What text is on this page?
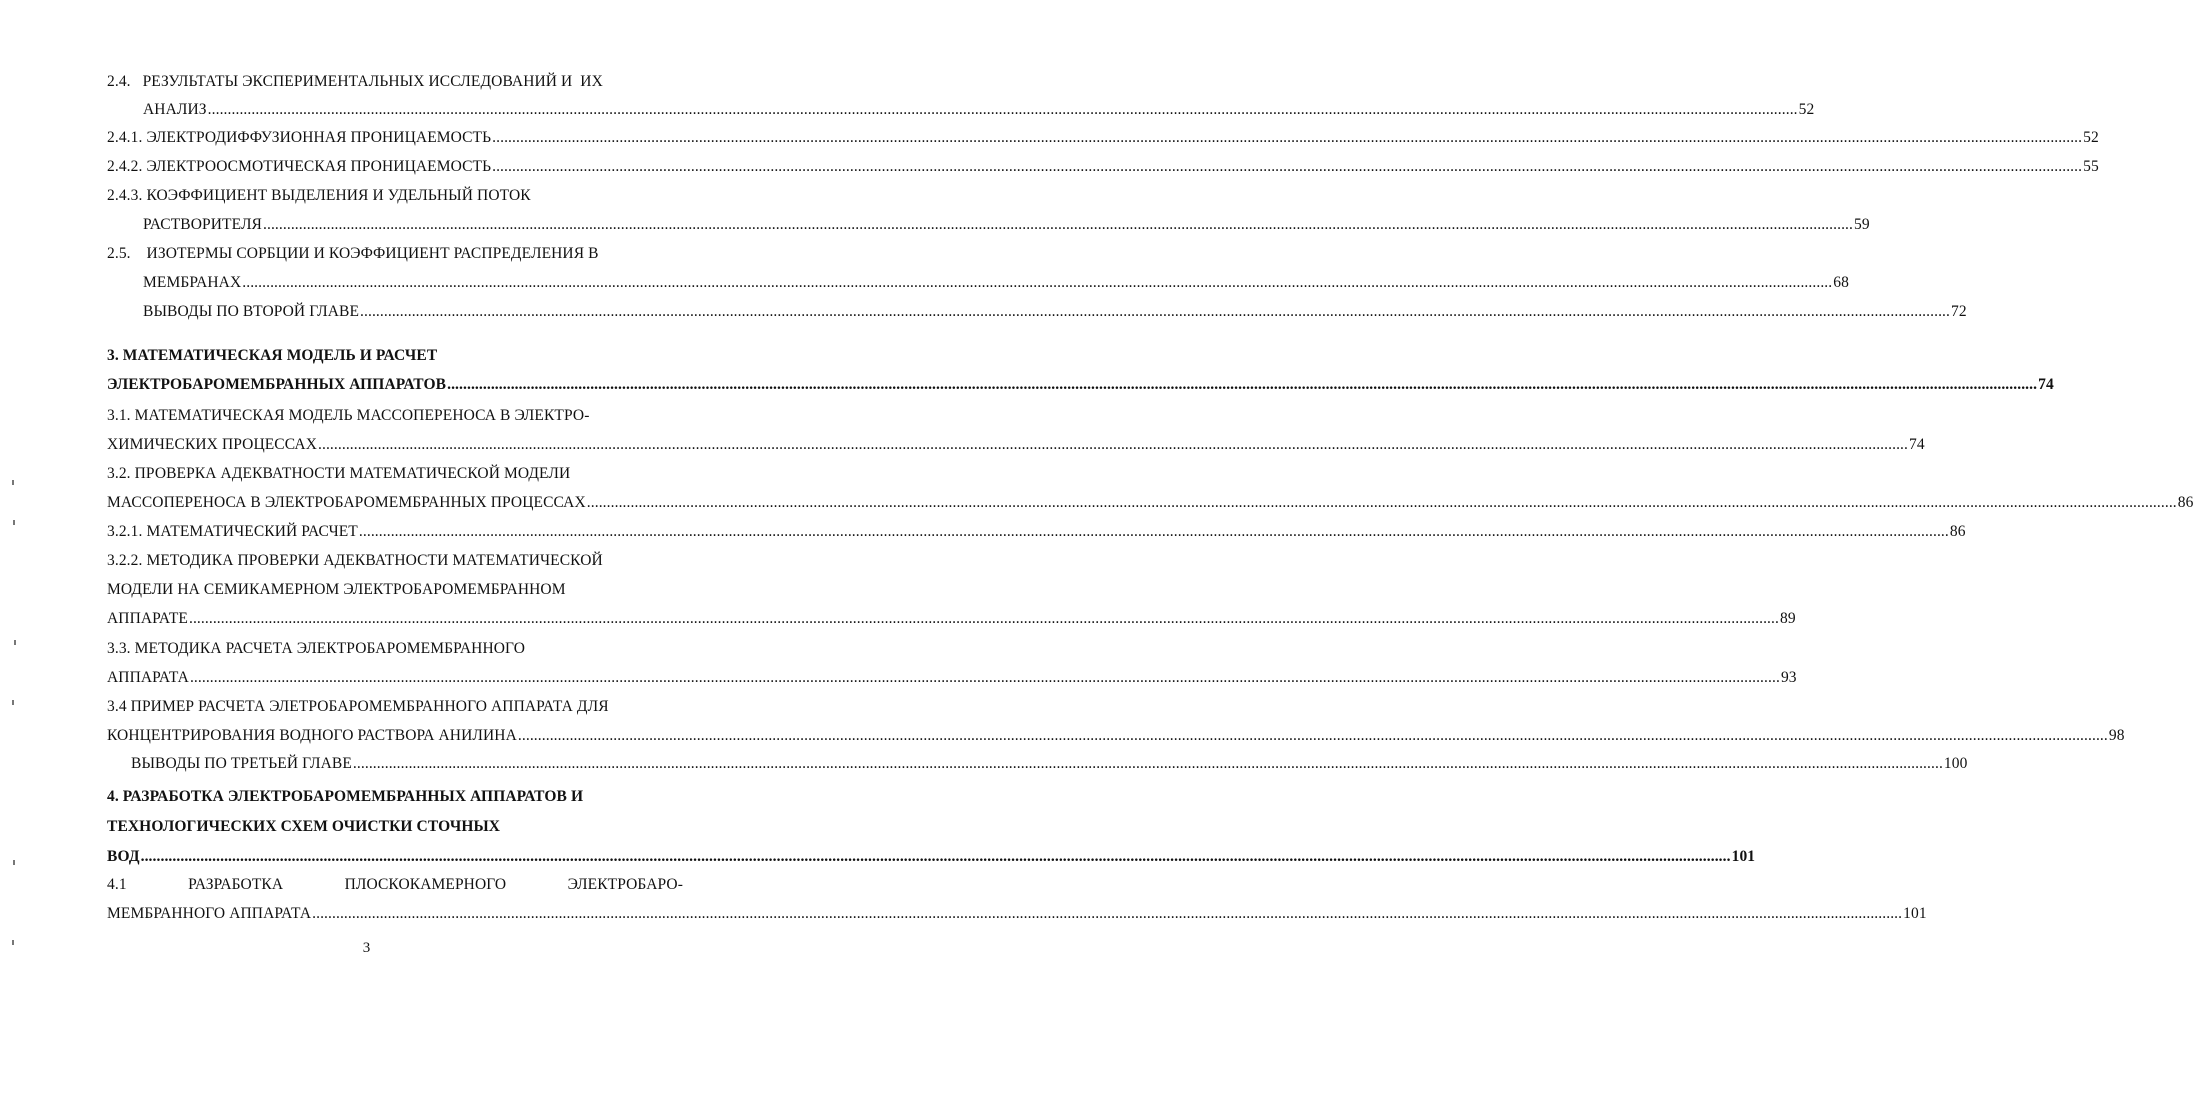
2.4.   РЕЗУЛЬТАТЫ ЭКСПЕРИМЕНТАЛЬНЫХ ИССЛЕДОВАНИЙ И  ИХ
АНАЛИЗ ................................................................................................................................................................................................................................................................................................................................................................................................................ 52
2.4.1. ЭЛЕКТРОДИФФУЗИОННАЯ ПРОНИЦАЕМОСТЬ ................................................................................................................................................................................................................................................................................................................................................................................................................ 52
2.4.2. ЭЛЕКТРООСМОТИЧЕСКАЯ ПРОНИЦАЕМОСТЬ ................................................................................................................................................................................................................................................................................................................................................................................................................ 55
2.4.3. КОЭФФИЦИЕНТ ВЫДЕЛЕНИЯ И УДЕЛЬНЫЙ ПОТОК
РАСТВОРИТЕЛЯ ................................................................................................................................................................................................................................................................................................................................................................................................................ 59
2.5.    ИЗОТЕРМЫ СОРБЦИИ И КОЭФФИЦИЕНТ РАСПРЕДЕЛЕНИЯ В
МЕМБРАНАХ ................................................................................................................................................................................................................................................................................................................................................................................................................ 68
ВЫВОДЫ ПО ВТОРОЙ ГЛАВЕ ................................................................................................................................................................................................................................................................................................................................................................................................................ 72
3. МАТЕМАТИЧЕСКАЯ МОДЕЛЬ И РАСЧЕТ
ЭЛЕКТРОБАРОМЕМБРАННЫХ АППАРАТОВ ................................................................................................................................................................................................................................................................................................................................................................................................................ 74
3.1. МАТЕМАТИЧЕСКАЯ МОДЕЛЬ МАССОПЕРЕНОСА В ЭЛЕКТРО-
ХИМИЧЕСКИХ ПРОЦЕССАХ ................................................................................................................................................................................................................................................................................................................................................................................................................ 74
3.2. ПРОВЕРКА АДЕКВАТНОСТИ МАТЕМАТИЧЕСКОЙ МОДЕЛИ
МАССОПЕРЕНОСА В ЭЛЕКТРОБАРОМЕМБРАННЫХ ПРОЦЕССАХ ................................................................................................................................................................................................................................................................................................................................................................................................................ 86
3.2.1. МАТЕМАТИЧЕСКИЙ РАСЧЕТ ................................................................................................................................................................................................................................................................................................................................................................................................................ 86
3.2.2. МЕТОДИКА ПРОВЕРКИ АДЕКВАТНОСТИ МАТЕМАТИЧЕСКОЙ
МОДЕЛИ НА СЕМИКАМЕРНОМ ЭЛЕКТРОБАРОМЕМБРАННОМ
АППАРАТЕ ................................................................................................................................................................................................................................................................................................................................................................................................................ 89
3.3. МЕТОДИКА РАСЧЕТА ЭЛЕКТРОБАРОМЕМБРАННОГО
АППАРАТА ................................................................................................................................................................................................................................................................................................................................................................................................................ 93
3.4 ПРИМЕР РАСЧЕТА ЭЛЕТРОБАРОМЕМБРАННОГО АППАРАТА ДЛЯ
КОНЦЕНТРИРОВАНИЯ ВОДНОГО РАСТВОРА АНИЛИНА ................................................................................................................................................................................................................................................................................................................................................................................................................ 98
ВЫВОДЫ ПО ТРЕТЬЕЙ ГЛАВЕ ................................................................................................................................................................................................................................................................................................................................................................................................................ 100
4. РАЗРАБОТКА ЭЛЕКТРОБАРОМЕМБРАННЫХ АППАРАТОВ И
ТЕХНОЛОГИЧЕСКИХ СХЕМ ОЧИСТКИ СТОЧНЫХ
ВОД ................................................................................................................................................................................................................................................................................................................................................................................................................ 101
4.1	РАЗРАБОТКА	ПЛОСКОКАМЕРНОГО	ЭЛЕКТРОБАРО-
МЕМБРАННОГО АППАРАТА ................................................................................................................................................................................................................................................................................................................................................................................................................ 101
3
